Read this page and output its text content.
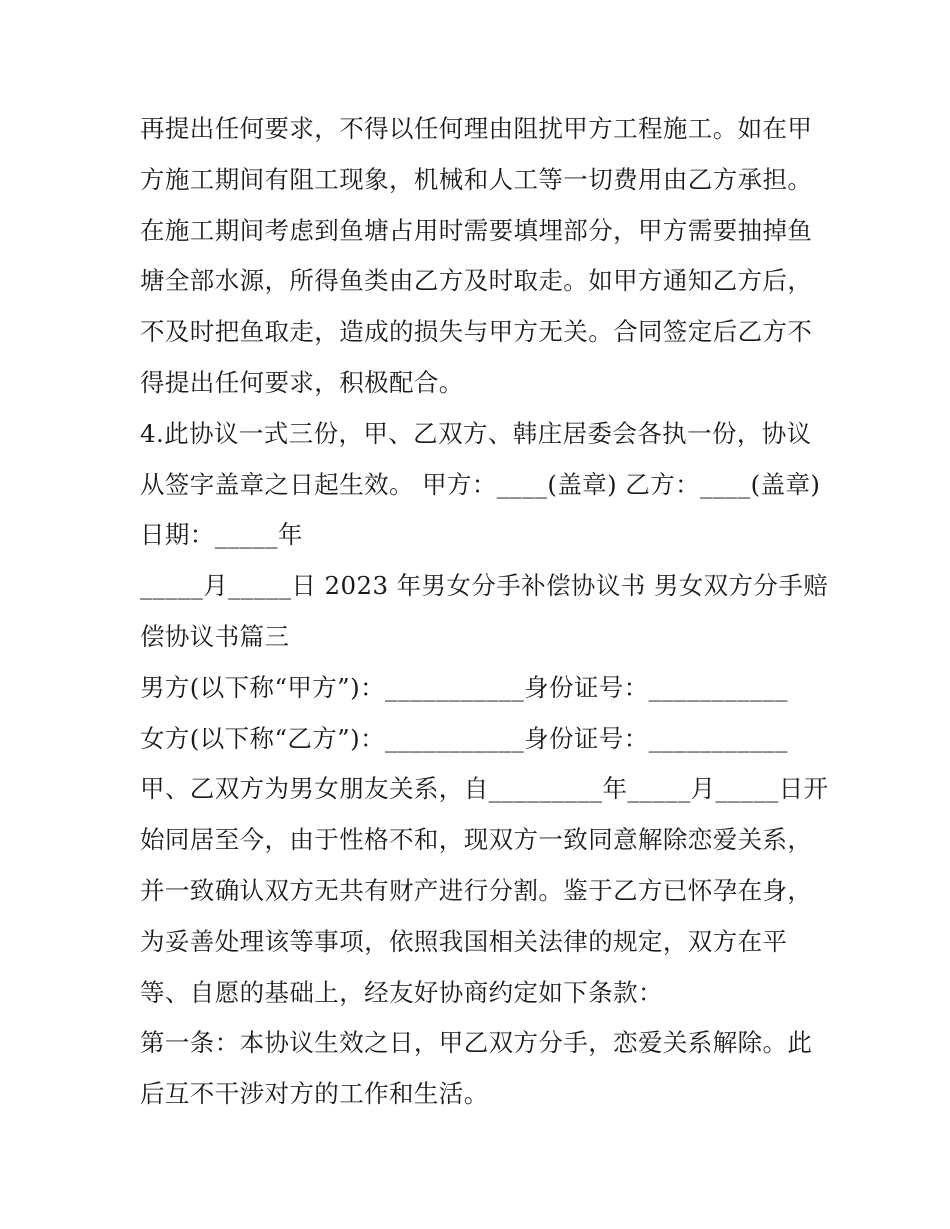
再提出任何要求，不得以任何理由阻扰甲方工程施工。如在甲
方施工期间有阻工现象，机械和人工等一切费用由乙方承担。
在施工期间考虑到鱼塘占用时需要填埋部分，甲方需要抽掉鱼
塘全部水源，所得鱼类由乙方及时取走。如甲方通知乙方后，
不及时把鱼取走，造成的损失与甲方无关。合同签定后乙方不
得提出任何要求，积极配合。
4.此协议一式三份，甲、乙双方、韩庄居委会各执一份，协议
从签字盖章之日起生效。 甲方：____(盖章) 乙方：____(盖章)
日期：_____年
_____月_____日 2023 年男女分手补偿协议书 男女双方分手赔
偿协议书篇三
男方(以下称“甲方”)：___________身份证号：___________
女方(以下称“乙方”)：___________身份证号：___________
甲、乙双方为男女朋友关系，自_________年_____月_____日开
始同居至今，由于性格不和，现双方一致同意解除恋爱关系，
并一致确认双方无共有财产进行分割。鉴于乙方已怀孕在身，
为妥善处理该等事项，依照我国相关法律的规定，双方在平
等、自愿的基础上，经友好协商约定如下条款：
第一条：本协议生效之日，甲乙双方分手，恋爱关系解除。此
后互不干涉对方的工作和生活。
